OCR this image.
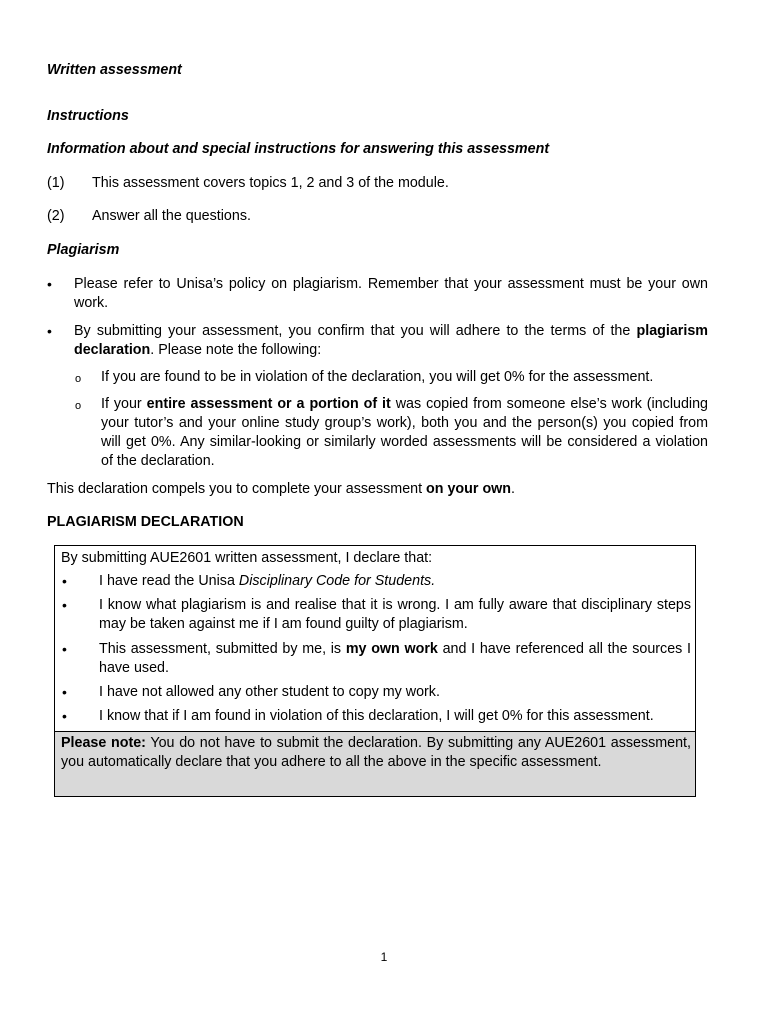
Written assessment
Instructions
Information about and special instructions for answering this assessment
(1) This assessment covers topics 1, 2 and 3 of the module.
(2) Answer all the questions.
Plagiarism
• Please refer to Unisa’s policy on plagiarism. Remember that your assessment must be your own work.
• By submitting your assessment, you confirm that you will adhere to the terms of the plagiarism declaration. Please note the following:
o If you are found to be in violation of the declaration, you will get 0% for the assessment.
o If your entire assessment or a portion of it was copied from someone else’s work (including your tutor’s and your online study group’s work), both you and the person(s) you copied from will get 0%. Any similar-looking or similarly worded assessments will be considered a violation of the declaration.
This declaration compels you to complete your assessment on your own.
PLAGIARISM DECLARATION
By submitting AUE2601 written assessment, I declare that:
• I have read the Unisa Disciplinary Code for Students.
• I know what plagiarism is and realise that it is wrong. I am fully aware that disciplinary steps may be taken against me if I am found guilty of plagiarism.
• This assessment, submitted by me, is my own work and I have referenced all the sources I have used.
• I have not allowed any other student to copy my work.
• I know that if I am found in violation of this declaration, I will get 0% for this assessment.
Please note: You do not have to submit the declaration. By submitting any AUE2601 assessment, you automatically declare that you adhere to all the above in the specific assessment.
1
